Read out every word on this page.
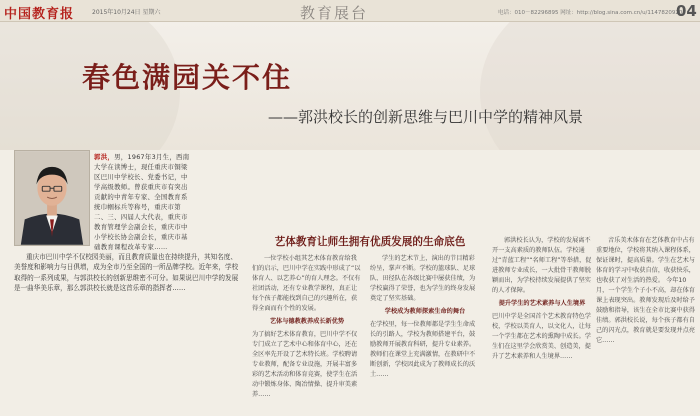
中国教育报	2015年10月24日 星期六	教育展台	电话：010－82296895 网址：http://blog.sina.com.cn/u/1147820920
04
春色满园关不住
——郭洪校长的创新思维与巴川中学的精神风景
郭洪，男，1967年3月生，西南大学在读博士，现任重庆市铜梁区巴川中学校长、党委书记，中学高级教师。曾获重庆市有突出贡献的中青年专家、全国教育系统巾帼标兵等称号，重庆市第二、三、四届人大代表，重庆市教育管理学会副会长，重庆市中小学校长协会副会长，重庆市基础教育课程改革专家……
重庆市巴川中学不仅校园美丽，而且教育质量也在持续提升，其知名度、美誉度和影响力与日俱增，成为全市乃至全国的一所品牌学校。近年来，学校取得的一系列成果，与郭洪校长的创新思维密不可分。如果说巴川中学的发展是一曲华美乐章，那么郭洪校长就是这首乐章的指挥者……
艺体教育让师生拥有优质发展的生命底色
一位学校小组其艺术体育教育给我们的启示，巴川中学在实践中形成了“以体育人、以艺养心”的育人理念。不仅有社团活动，还有专业教学课程，真正让每个孩子都能找到自己的兴趣所在，获得全面而有个性的发展。
艺体与德教教养成长新优势
为了搞好艺术体育教育，巴川中学不仅专门成立了艺术中心和体育中心，还在全区率先开设了艺术特长班。学校聘请专业教师，配备专业设施，开展丰富多彩的艺术活动和体育竞赛，使学生在活动中锻炼身体、陶冶情操、提升审美素养……
学生的艺术节上，演出的节目精彩纷呈，掌声不断。学校的篮球队、足球队、田径队在各级比赛中屡获佳绩，为学校赢得了荣誉，也为学生的终身发展奠定了坚实基础。
学校成为教师探索生命的舞台
在学校里，每一位教师都是学生生命成长的引路人，学校为教师搭建平台，鼓励教师开展教育科研，提升专业素养。教师们在课堂上充满激情，在教研中不断创新，学校因此成为了教师成长的沃土……
郭洪校长认为，学校的发展离不开一支高素质的教师队伍。学校通过“青蓝工程”“名师工程”等举措，促进教师专业成长，一大批骨干教师脱颖而出，为学校持续发展提供了坚实的人才保障。
提升学生的艺术素养与人生境界
巴川中学是全国首个艺术教育特色学校，学校以美育人，以文化人，让每一个学生都在艺术的熏陶中成长。学生们在这里学会欣赏美、创造美，提升了艺术素养和人生境界……
音乐美术体育在艺体教育中占有重要地位，学校将其纳入课程体系，保证课时，提高质量。学生在艺术与体育的学习中收获自信，收获快乐，也收获了对生活的热爱。 今年10月，一个学生个子小不高，却在体育课上表现突出。教师发现后及时给予鼓励和指导，该生在全市比赛中获得佳绩。郭洪校长说，每个孩子都有自己的闪光点，教育就是要发现并点亮它……
